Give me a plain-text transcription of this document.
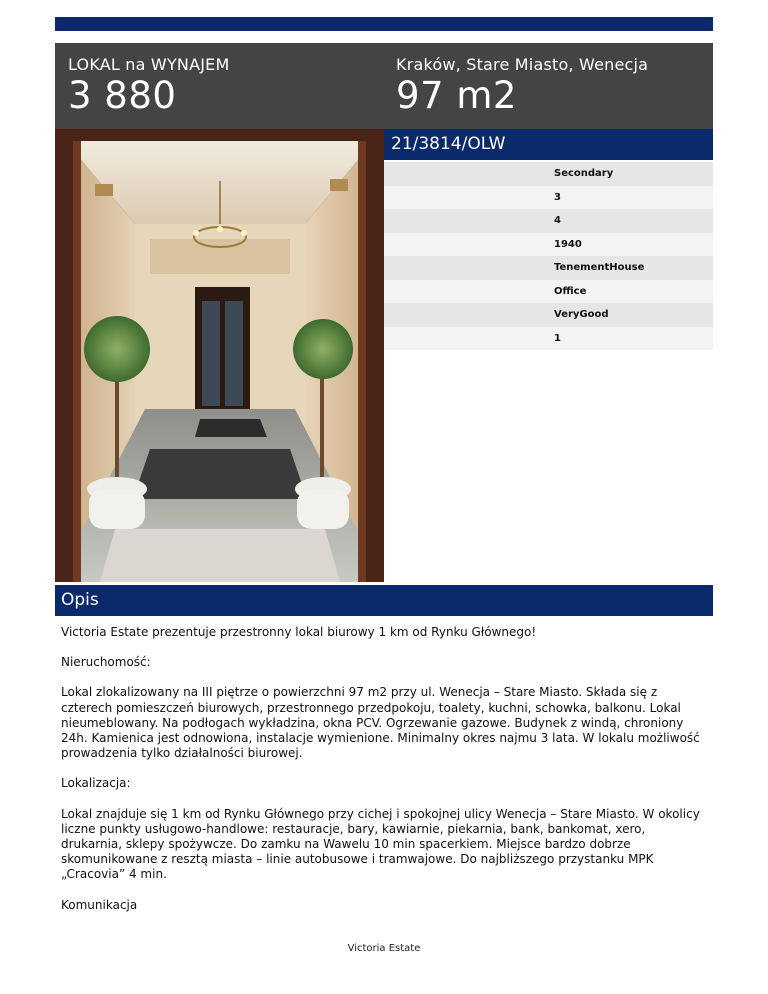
LOKAL na WYNAJEM
3 880
Kraków, Stare Miasto, Wenecja
97 m2
21/3814/OLW
Secondary
3
4
1940
TenementHouse
Office
VeryGood
1
Opis

Victoria Estate prezentuje przestronny lokal biurowy 1 km od Rynku Głównego!

Nieruchomość:

Lokal zlokalizowany na III piętrze o powierzchni 97 m2 przy ul. Wenecja – Stare Miasto. Składa się z czterech pomieszczeń biurowych, przestronnego przedpokoju, toalety, kuchni, schowka, balkonu. Lokal nieumeblowany. Na podłogach wykładzina, okna PCV. Ogrzewanie gazowe. Budynek z windą, chroniony 24h. Kamienica jest odnowiona, instalacje wymienione. Minimalny okres najmu 3 lata. W lokalu możliwość prowadzenia tylko działalności biurowej.

Lokalizacja:

Lokal znajduje się 1 km od Rynku Głównego przy cichej i spokojnej ulicy Wenecja – Stare Miasto. W okolicy liczne punkty usługowo-handlowe: restauracje, bary, kawiarnie, piekarnia, bank, bankomat, xero, drukarnia, sklepy spożywcze. Do zamku na Wawelu 10 min spacerkiem. Miejsce bardzo dobrze skomunikowane z resztą miasta – linie autobusowe i tramwajowe. Do najbliższego przystanku MPK „Cracovia” 4 min.

Komunikacja

Victoria Estate
